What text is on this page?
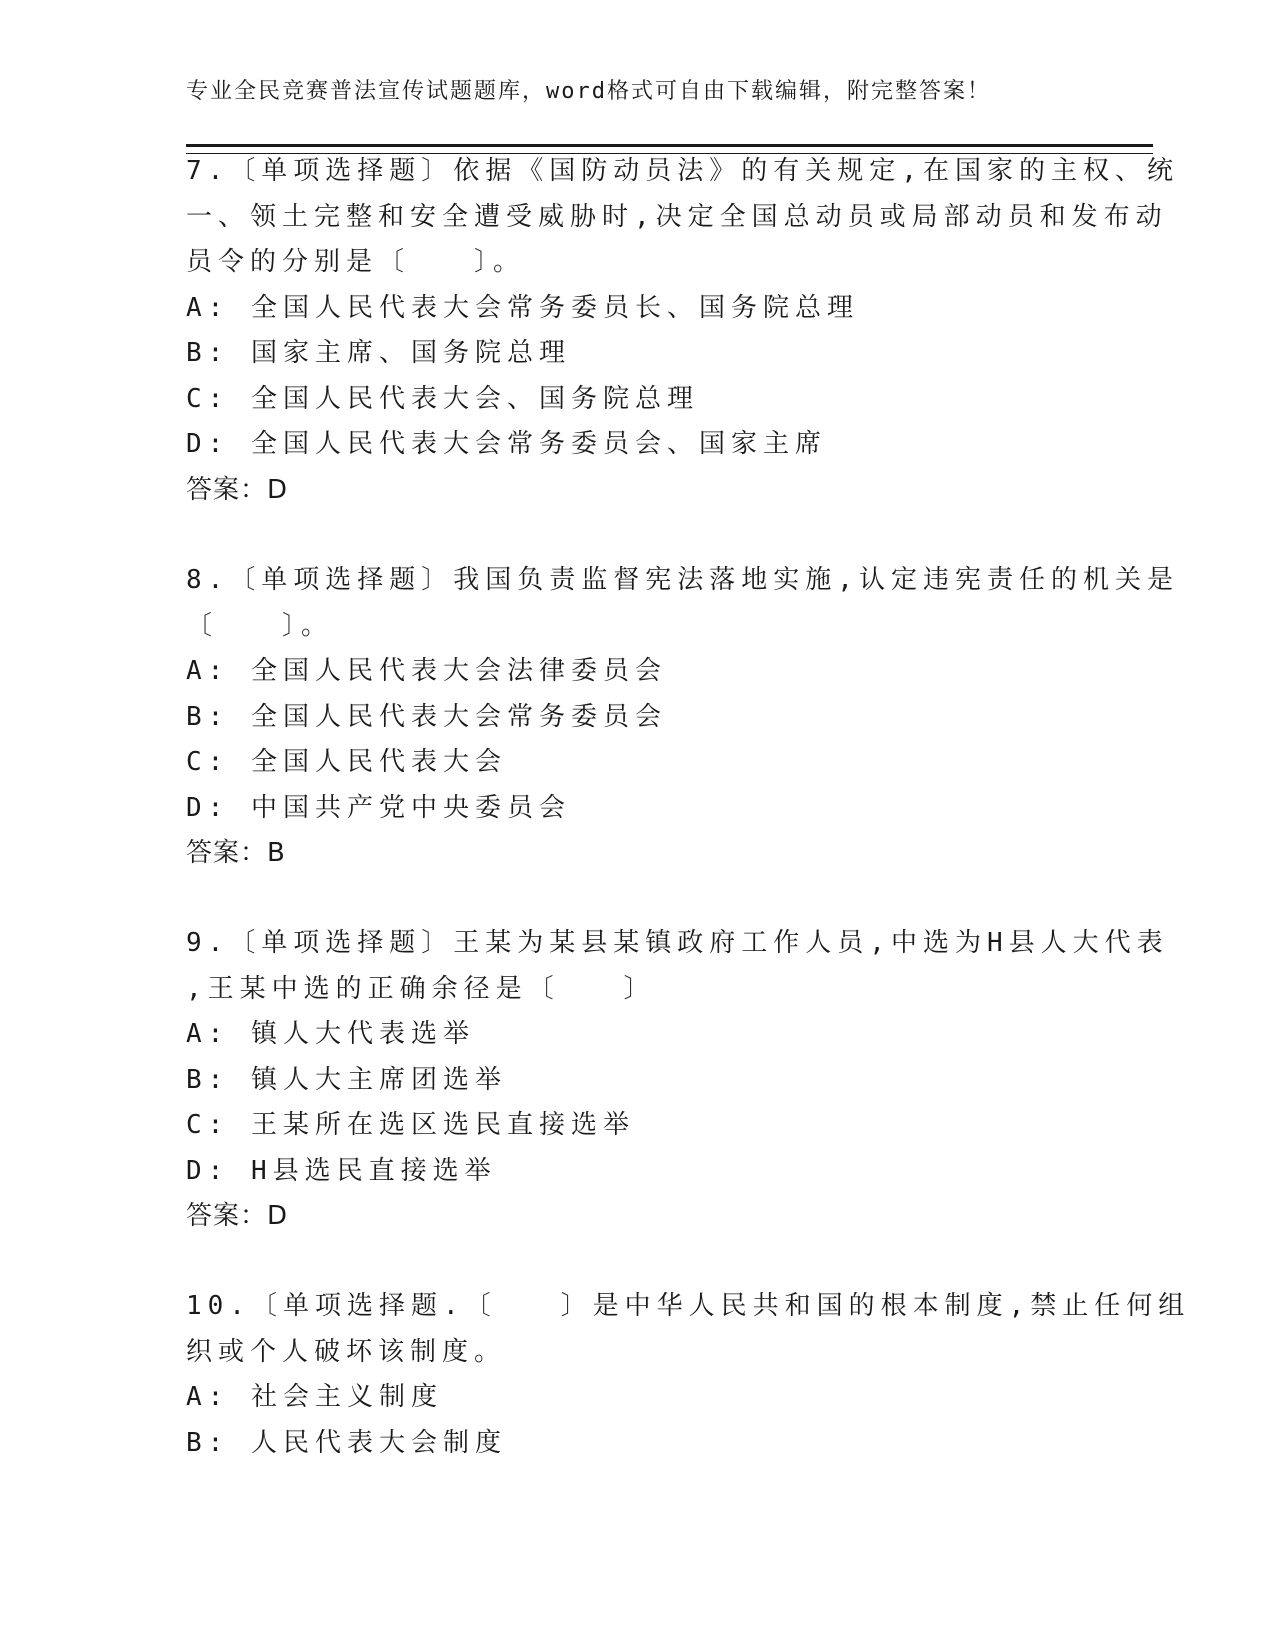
专业全民竞赛普法宣传试题题库，word格式可自由下载编辑，附完整答案！
7.〔单项选择题〕依据《国防动员法》的有关规定,在国家的主权、统
一、领土完整和安全遭受威胁时,决定全国总动员或局部动员和发布动
员令的分别是〔　　〕。
A: 全国人民代表大会常务委员长、国务院总理
B: 国家主席、国务院总理
C: 全国人民代表大会、国务院总理
D: 全国人民代表大会常务委员会、国家主席
答案：D
8.〔单项选择题〕我国负责监督宪法落地实施,认定违宪责任的机关是
〔　　〕。
A: 全国人民代表大会法律委员会
B: 全国人民代表大会常务委员会
C: 全国人民代表大会
D: 中国共产党中央委员会
答案：B
9.〔单项选择题〕王某为某县某镇政府工作人员,中选为H县人大代表
,王某中选的正确余径是〔　　〕
A: 镇人大代表选举
B: 镇人大主席团选举
C: 王某所在选区选民直接选举
D: H县选民直接选举
答案：D
10.〔单项选择题.〔　　〕是中华人民共和国的根本制度,禁止任何组
织或个人破坏该制度。
A: 社会主义制度
B: 人民代表大会制度
